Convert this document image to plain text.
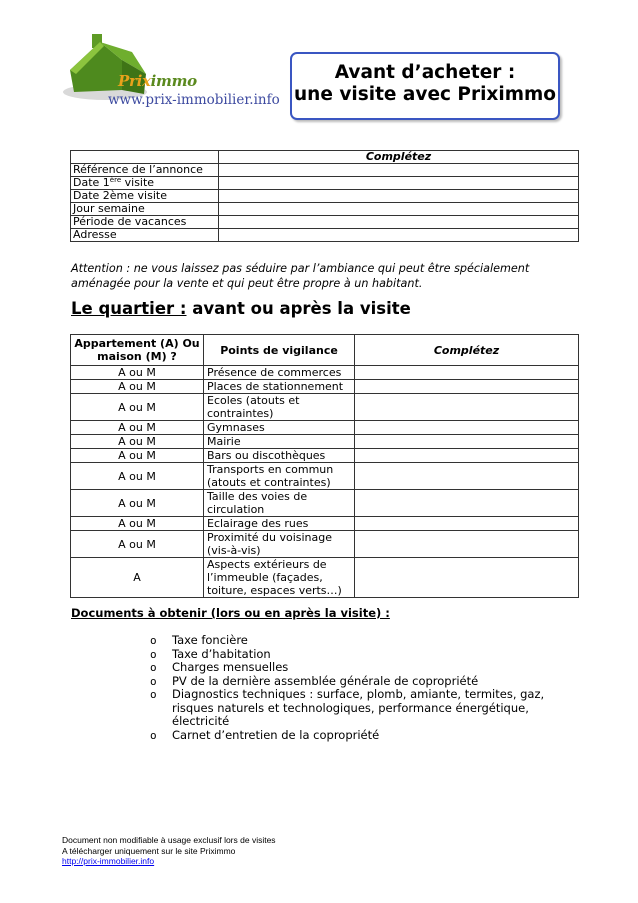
Priximmo
www.prix-immobilier.info
Avant d’acheter :
une visite avec Priximmo
	Complétez
Référence de l’annonce	
Date 1ère visite	
Date 2ème visite	
Jour semaine	
Période de vacances	
Adresse	
Attention : ne vous laissez pas séduire par l’ambiance qui peut être spécialement aménagée pour la vente et qui peut être propre à un habitant.
Le quartier : avant ou après la visite
Appartement (A) Ou maison (M) ?	Points de vigilance	Complétez
A ou M	Présence de commerces	
A ou M	Places de stationnement	
A ou M	Ecoles (atouts et contraintes)	
A ou M	Gymnases	
A ou M	Mairie	
A ou M	Bars ou discothèques	
A ou M	Transports en commun (atouts et contraintes)	
A ou M	Taille des voies de circulation	
A ou M	Eclairage des rues	
A ou M	Proximité du voisinage (vis-à-vis)	
A	Aspects extérieurs de l’immeuble (façades, toiture, espaces verts…)	
Documents à obtenir (lors ou en après la visite) :
o Taxe foncière
o Taxe d’habitation
o Charges mensuelles
o PV de la dernière assemblée générale de copropriété
o Diagnostics techniques : surface, plomb, amiante, termites, gaz, risques naturels et technologiques, performance énergétique, électricité
o Carnet d’entretien de la copropriété
Document non modifiable à usage exclusif lors de visites
A télécharger uniquement sur le site Priximmo
http://prix-immobilier.info
